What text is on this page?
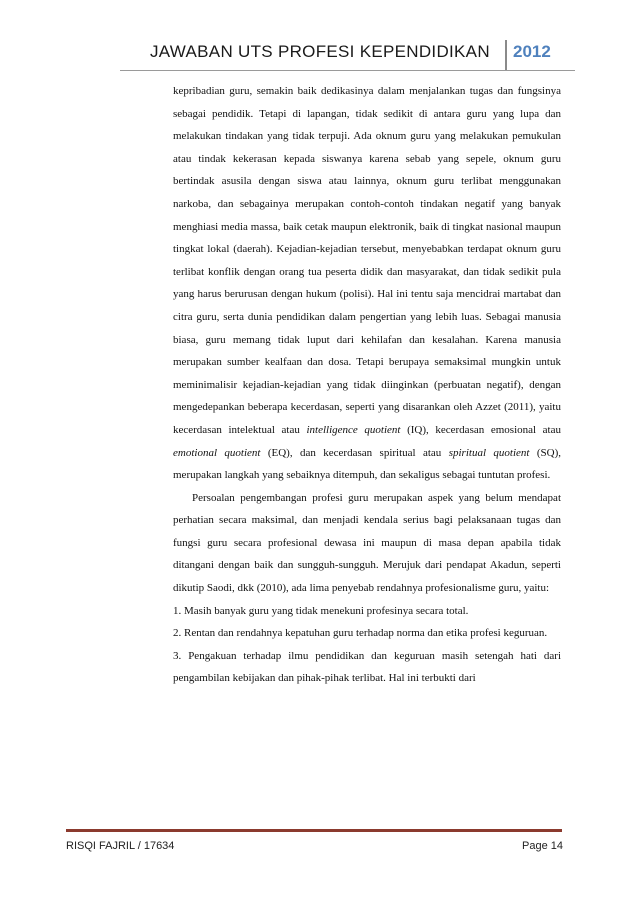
JAWABAN UTS PROFESI KEPENDIDIKAN 2012

kepribadian guru, semakin baik dedikasinya dalam menjalankan tugas dan fungsinya sebagai pendidik. Tetapi di lapangan, tidak sedikit di antara guru yang lupa dan melakukan tindakan yang tidak terpuji. Ada oknum guru yang melakukan pemukulan atau tindak kekerasan kepada siswanya karena sebab yang sepele, oknum guru bertindak asusila dengan siswa atau lainnya, oknum guru terlibat menggunakan narkoba, dan sebagainya merupakan contoh-contoh tindakan negatif yang banyak menghiasi media massa, baik cetak maupun elektronik, baik di tingkat nasional maupun tingkat lokal (daerah). Kejadian-kejadian tersebut, menyebabkan terdapat oknum guru terlibat konflik dengan orang tua peserta didik dan masyarakat, dan tidak sedikit pula yang harus berurusan dengan hukum (polisi). Hal ini tentu saja mencidrai martabat dan citra guru, serta dunia pendidikan dalam pengertian yang lebih luas. Sebagai manusia biasa, guru memang tidak luput dari kehilafan dan kesalahan. Karena manusia merupakan sumber kealfaan dan dosa. Tetapi berupaya semaksimal mungkin untuk meminimalisir kejadian-kejadian yang tidak diinginkan (perbuatan negatif), dengan mengedepankan beberapa kecerdasan, seperti yang disarankan oleh Azzet (2011), yaitu kecerdasan intelektual atau intelligence quotient (IQ), kecerdasan emosional atau emotional quotient (EQ), dan kecerdasan spiritual atau spiritual quotient (SQ), merupakan langkah yang sebaiknya ditempuh, dan sekaligus sebagai tuntutan profesi.

Persoalan pengembangan profesi guru merupakan aspek yang belum mendapat perhatian secara maksimal, dan menjadi kendala serius bagi pelaksanaan tugas dan fungsi guru secara profesional dewasa ini maupun di masa depan apabila tidak ditangani dengan baik dan sungguh-sungguh. Merujuk dari pendapat Akadun, seperti dikutip Saodi, dkk (2010), ada lima penyebab rendahnya profesionalisme guru, yaitu:

1. Masih banyak guru yang tidak menekuni profesinya secara total.

2. Rentan dan rendahnya kepatuhan guru terhadap norma dan etika profesi keguruan.

3. Pengakuan terhadap ilmu pendidikan dan keguruan masih setengah hati dari pengambilan kebijakan dan pihak-pihak terlibat. Hal ini terbukti dari

RISQI FAJRIL / 17634	Page 14
